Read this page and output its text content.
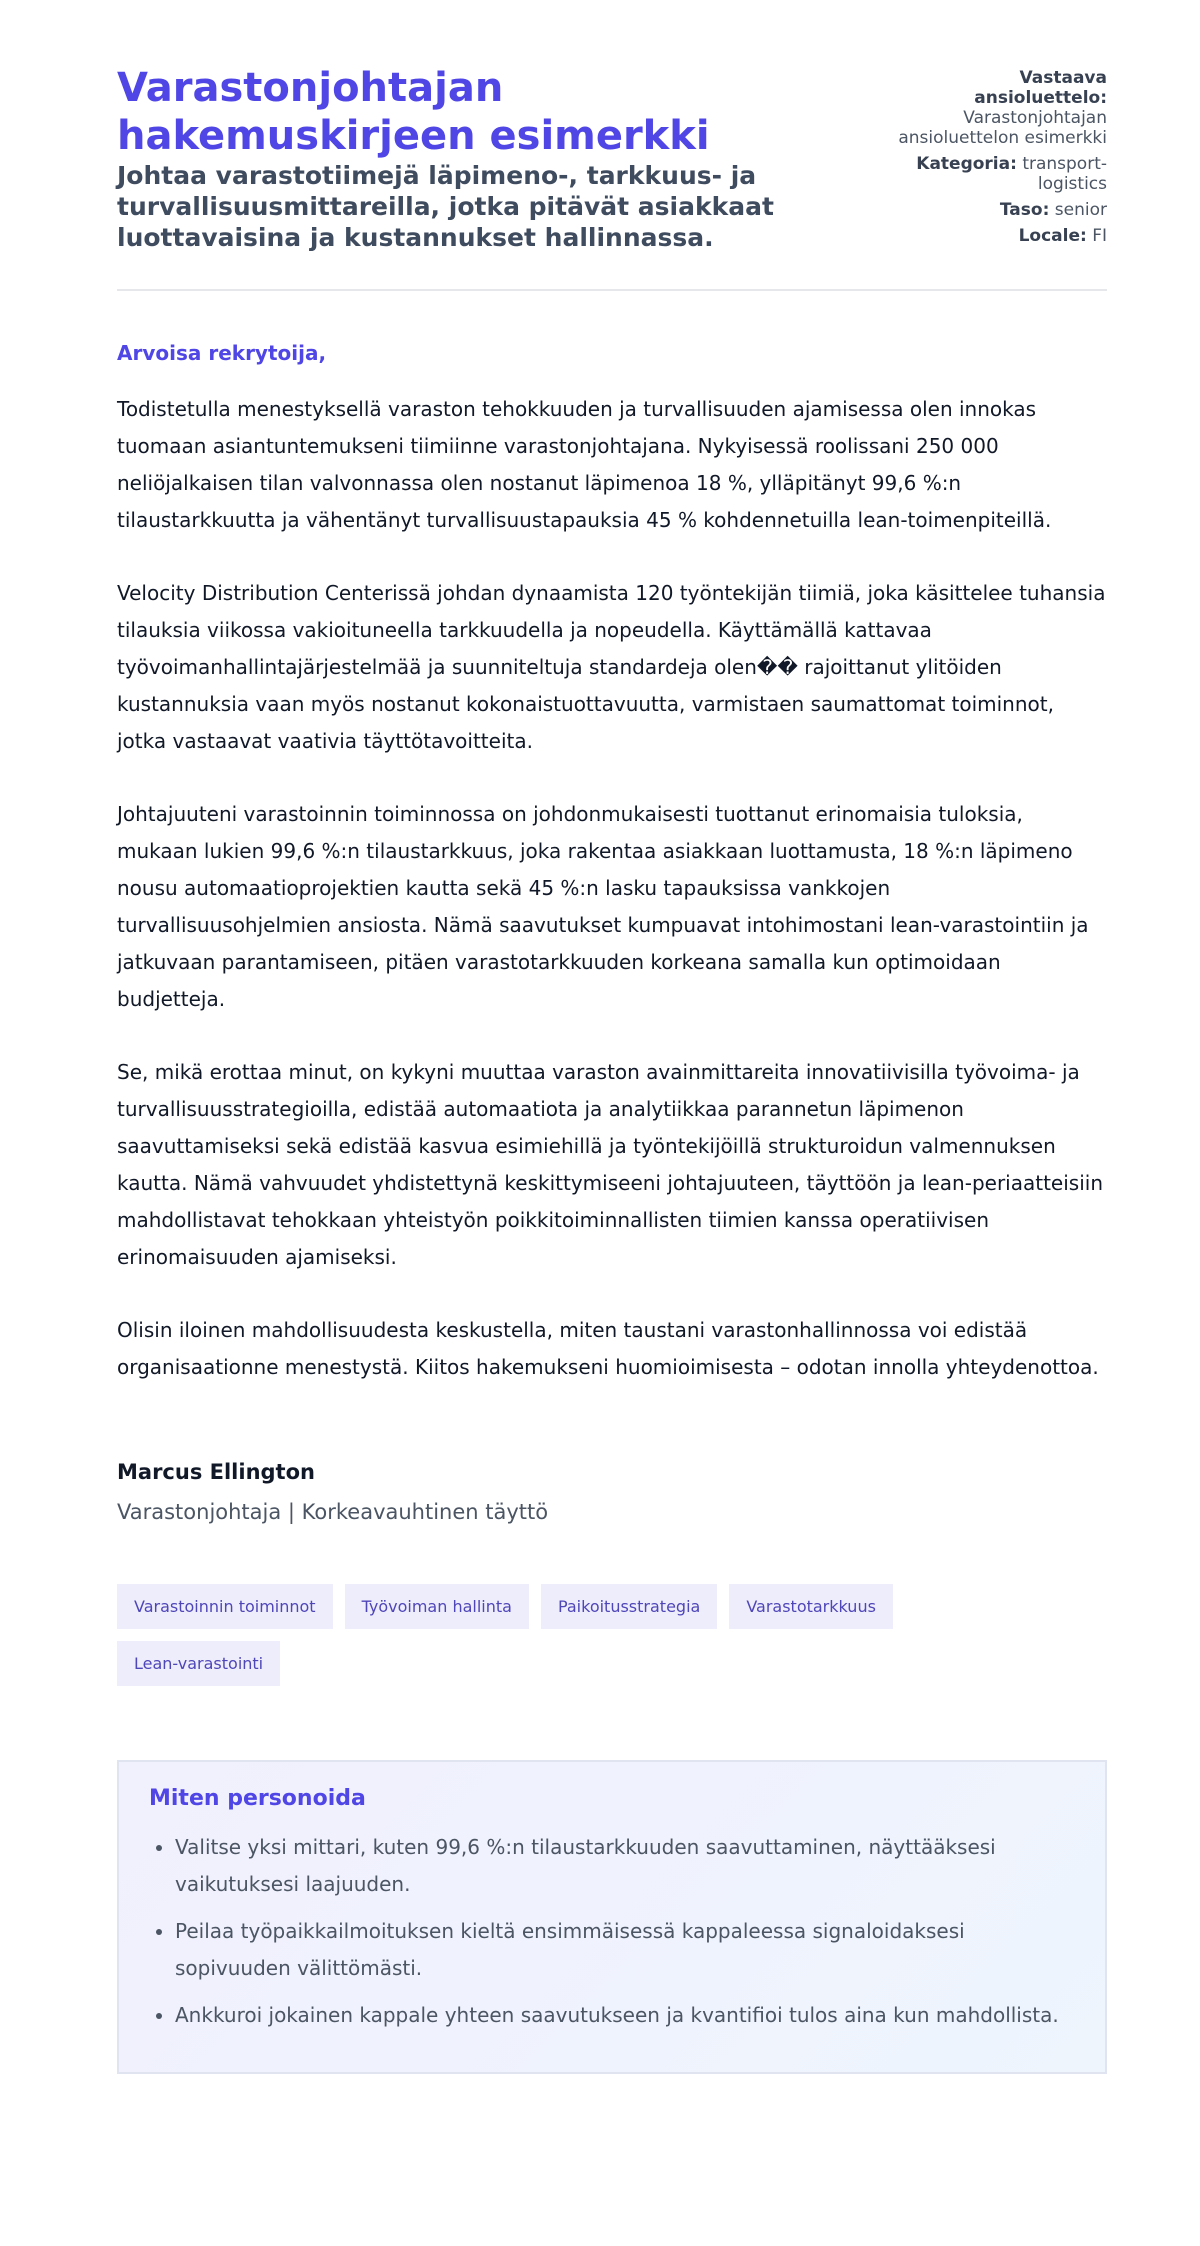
Varastonjohtajan hakemuskirjeen esimerkki
Johtaa varastotiimejä läpimeno-, tarkkuus- ja turvallisuusmittareilla, jotka pitävät asiakkaat luottavaisina ja kustannukset hallinnassa.
Vastaava ansioluettelo: Varastonjohtajan ansioluettelon esimerkki
Kategoria: transport-logistics
Taso: senior
Locale: FI

Arvoisa rekrytoija,

Todistetulla menestyksellä varaston tehokkuuden ja turvallisuuden ajamisessa olen innokas tuomaan asiantuntemukseni tiimiinne varastonjohtajana. Nykyisessä roolissani 250 000 neliöjalkaisen tilan valvonnassa olen nostanut läpimenoa 18 %, ylläpitänyt 99,6 %:n tilaustarkkuutta ja vähentänyt turvallisuustapauksia 45 % kohdennetuilla lean-toimenpiteillä.

Velocity Distribution Centerissä johdan dynaamista 120 työntekijän tiimiä, joka käsittelee tuhansia tilauksia viikossa vakioituneella tarkkuudella ja nopeudella. Käyttämällä kattavaa työvoimanhallintajärjestelmää ja suunniteltuja standardeja olen�� rajoittanut ylitöiden kustannuksia vaan myös nostanut kokonaistuottavuutta, varmistaen saumattomat toiminnot, jotka vastaavat vaativia täyttötavoitteita.

Johtajuuteni varastoinnin toiminnossa on johdonmukaisesti tuottanut erinomaisia tuloksia, mukaan lukien 99,6 %:n tilaustarkkuus, joka rakentaa asiakkaan luottamusta, 18 %:n läpimeno nousu automaatioprojektien kautta sekä 45 %:n lasku tapauksissa vankkojen turvallisuusohjelmien ansiosta. Nämä saavutukset kumpuavat intohimostani lean-varastointiin ja jatkuvaan parantamiseen, pitäen varastotarkkuuden korkeana samalla kun optimoidaan budjetteja.

Se, mikä erottaa minut, on kykyni muuttaa varaston avainmittareita innovatiivisilla työvoima- ja turvallisuusstrategioilla, edistää automaatiota ja analytiikkaa parannetun läpimenon saavuttamiseksi sekä edistää kasvua esimiehillä ja työntekijöillä strukturoidun valmennuksen kautta. Nämä vahvuudet yhdistettynä keskittymiseeni johtajuuteen, täyttöön ja lean-periaatteisiin mahdollistavat tehokkaan yhteistyön poikkitoiminnallisten tiimien kanssa operatiivisen erinomaisuuden ajamiseksi.

Olisin iloinen mahdollisuudesta keskustella, miten taustani varastonhallinnossa voi edistää organisaationne menestystä. Kiitos hakemukseni huomioimisesta – odotan innolla yhteydenottoa.

Marcus Ellington

Varastonjohtaja | Korkeavauhtinen täyttö

Varastoinnin toiminnot	Työvoiman hallinta	Paikoitusstrategia	Varastotarkkuus
Lean-varastointi
Miten personoida
• Valitse yksi mittari, kuten 99,6 %:n tilaustarkkuuden saavuttaminen, näyttääksesi vaikutuksesi laajuuden.
• Peilaa työpaikkailmoituksen kieltä ensimmäisessä kappaleessa signaloidaksesi sopivuuden välittömästi.
• Ankkuroi jokainen kappale yhteen saavutukseen ja kvantifioi tulos aina kun mahdollista.
